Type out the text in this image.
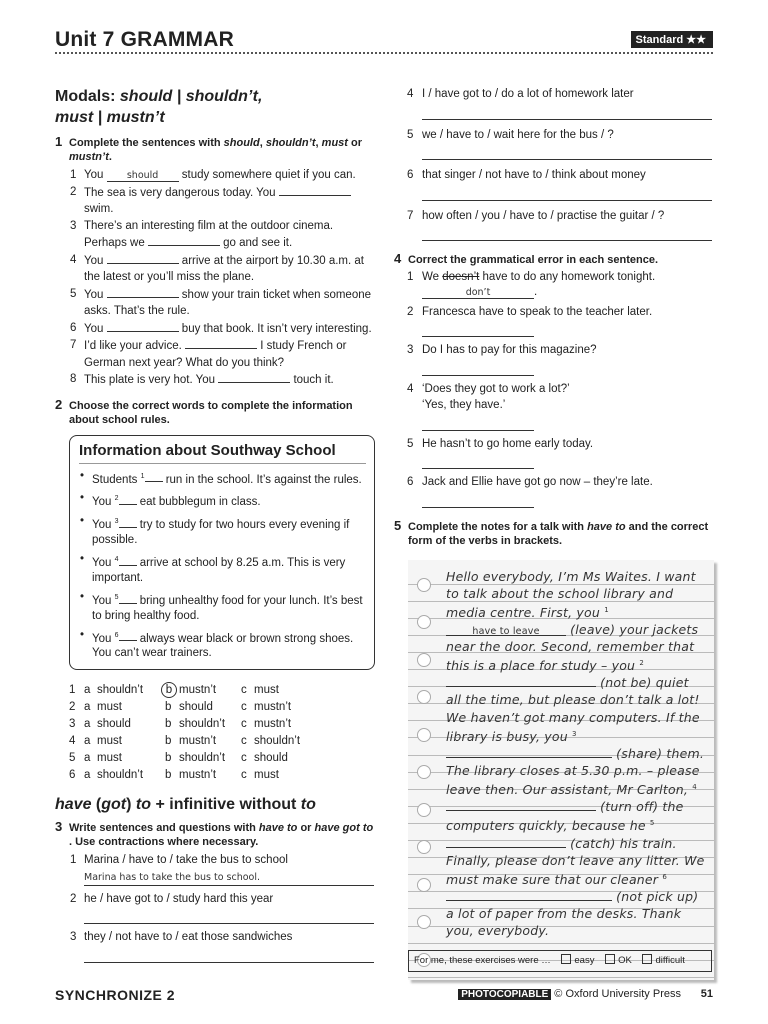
Unit 7 GRAMMAR	Standard ★★
Modals: should | shouldn’t,
must | mustn’t
1 Complete the sentences with should, shouldn’t, must or
mustn’t.
1 You should study somewhere quiet if you can.
2 The sea is very dangerous today. You  swim.
3 There’s an interesting film at the outdoor cinema. Perhaps we	go and see it.
4 You	arrive at the airport by 10.30 a.m. at the latest or you’ll miss the plane.
5 You	show your train ticket when someone asks. That’s the rule.
6 You	buy that book. It isn’t very interesting.
7 I’d like your advice.	I study French or German next year? What do you think?
8 This plate is very hot. You	touch it.
2 Choose the correct words to complete the information about school rules.
Information about Southway School
• Students $^1$ run in the school. It’s against the rules.
• You $^2$ eat bubblegum in class.
• You $^3$ try to study for two hours every evening if possible.
• You $^4$ arrive at school by 8.25 a.m. This is very important.
• You $^5$ bring unhealthy food for your lunch. It’s best to bring healthy food.
• You $^6$ always wear black or brown strong shoes. You can’t wear trainers.
1 a shouldn’t	b mustn’t c must
2 a must	b should c mustn’t
3 a should	b shouldn’t c mustn’t
4 a must	b mustn’t c shouldn’t
5 a must	b shouldn’t c should
6 a shouldn’t b mustn’t c must
have (got) to + infinitive without to
3 Write sentences and questions with have to or have got to
. Use contractions where necessary.
1 Marina / have to / take the bus to school
Marina has to take the bus to school.
2 he / have got to / study hard this year
3 they / not have to / eat those sandwiches
4 I / have got to / do a lot of homework later
5 we / have to / wait here for the bus / ?
6 that singer / not have to / think about money
7 how often / you / have to / practise the guitar / ?
4 Correct the grammatical error in each sentence.
1 We doesn’t have to do any homework tonight.
don’t	.
2 Francesca have to speak to the teacher later.
3 Do I has to pay for this magazine?
4 ‘Does they got to work a lot?’
‘Yes, they have.’
5 He hasn’t to go home early today.
6 Jack and Ellie have got go now – they’re late.
5 Complete the notes for a talk with have to and the correct form of the verbs in brackets.
Hello everybody, I’m Ms Waites. I want to talk about the school library and media centre. First, you $^1$have to leave (leave) your jackets near the door. Second, remember that this is a place for study – you $^2$ (not be) quiet all the time, but please don’t talk a lot! We haven’t got many computers. If the library is busy, you $^3$ (share) them. The library closes at 5.30 p.m. – please leave then. Our assistant, Mr Carlton, $^4$ (turn off) the computers quickly, because he $^5$ (catch) his train. Finally, please don’t leave any litter. We must make sure that our cleaner $^6$ (not pick up) a lot of paper from the desks. Thank you, everybody.
For me, these exercises were … easy OK difficult
SYNCHRONIZE 2	PHOTOCOPIABLE © Oxford University Press 51
